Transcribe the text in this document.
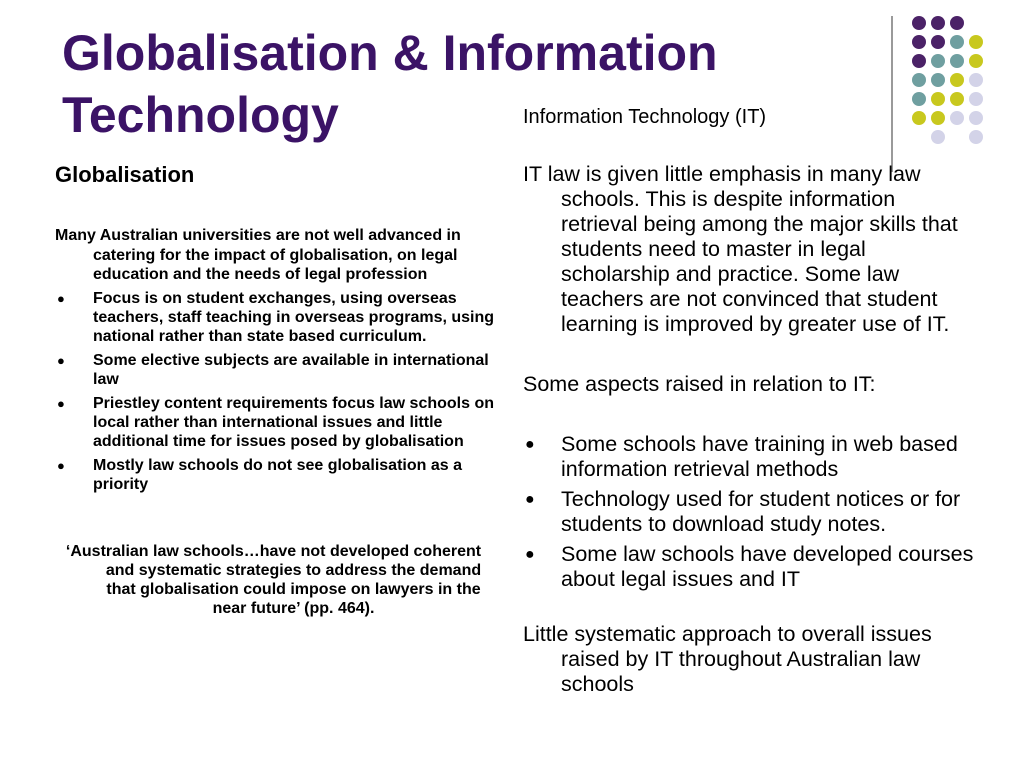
Globalisation & Information Technology
Globalisation

Many Australian universities are not well advanced in catering for the impact of globalisation, on legal education and the needs of legal profession

● Focus is on student exchanges, using overseas teachers, staff teaching in overseas programs, using national rather than state based curriculum.
● Some elective subjects are available in international law
● Priestley content requirements focus law schools on local rather than international issues and little additional time for issues posed by globalisation
● Mostly law schools do not see globalisation as a priority

‘Australian law schools…have not developed coherent and systematic strategies to address the demand that globalisation could impose on lawyers in the near future’ (pp. 464).

Information Technology (IT)

IT law is given little emphasis in many law schools. This is despite information retrieval being among the major skills that students need to master in legal scholarship and practice. Some law teachers are not convinced that student learning is improved by greater use of IT.

Some aspects raised in relation to IT:

● Some schools have training in web based information retrieval methods
● Technology used for student notices or for students to download study notes.
● Some law schools have developed courses about legal issues and IT

Little systematic approach to overall issues raised by IT throughout Australian law schools
